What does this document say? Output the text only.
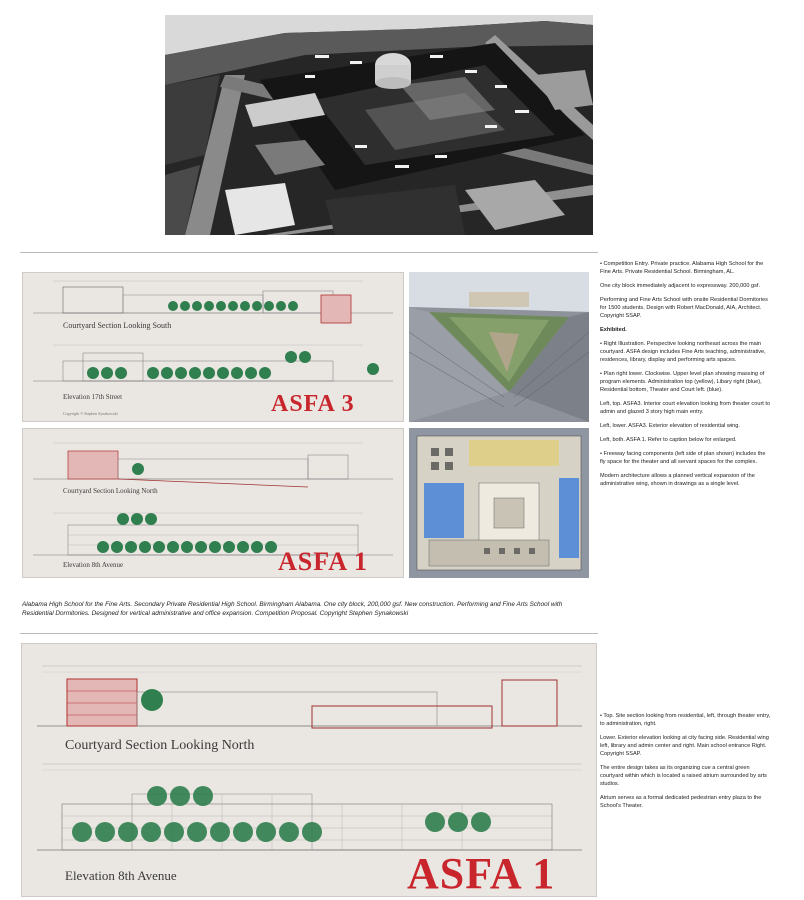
Courtyard Section Looking South
Elevation 17th Street
Copyright © Stephen Synakowski	ASFA 3
Courtyard Section Looking North
Elevation 8th Avenue	ASFA 1
Alabama High School for the Fine Arts. Secondary Private Residential High School. Birmingham Alabama. One city block, 200,000 gsf. New construction. Performing and Fine Arts School with Residential Dormitories. Designed for vertical administrative and office expansion. Competition Proposal. Copyright Stephen Synakowski
Courtyard Section Looking North
Elevation 8th Avenue	ASFA 1

• Competition Entry. Private practice. Alabama High School for the Fine Arts. Private Residential School. Birmingham, AL.

One city block immediately adjacent to expressway. 200,000 gsf.

Performing and Fine Arts School with onsite Residential Dormitories for 1500 students. Design with Robert MacDonald, AIA, Architect. Copyright SSAP.

Exhibited.

• Right Illustration. Perspective looking northeast across the main courtyard. ASFA design includes Fine Arts teaching, administrative, residences, library, display and performing arts spaces.

• Plan right lower. Clockwise. Upper level plan showing massing of program elements. Administration top (yellow), Libary right (blue), Residential bottom, Theater and Court left. (blue).

Left, top. ASFA3. Interior court elevation looking from theater court to admin and glazed 3 story high main entry.

Left, lower. ASFA3. Exterior elevation of residential wing.

Left, both. ASFA 1. Refer to caption below for enlarged.

• Freeway facing components (left side of plan shown) includes the fly space for the theater and all servant spaces for the complex.

Modern architecture allows a planned vertical expansion of the administrative wing, shown in drawings as a single level.

• Top. Site section looking from residential, left, through theater entry, to administration, right.

Lower. Exterior elevation looking at city facing side. Residential wing left, library and admin center and right. Main school entrance Right. Copyright SSAP.

The entire design takes as its organizing cue a central green courtyard within which is located a raised atrium surrounded by arts studios.

Atrium serves as a formal dedicated pedestrian entry plaza to the School's Theater.
